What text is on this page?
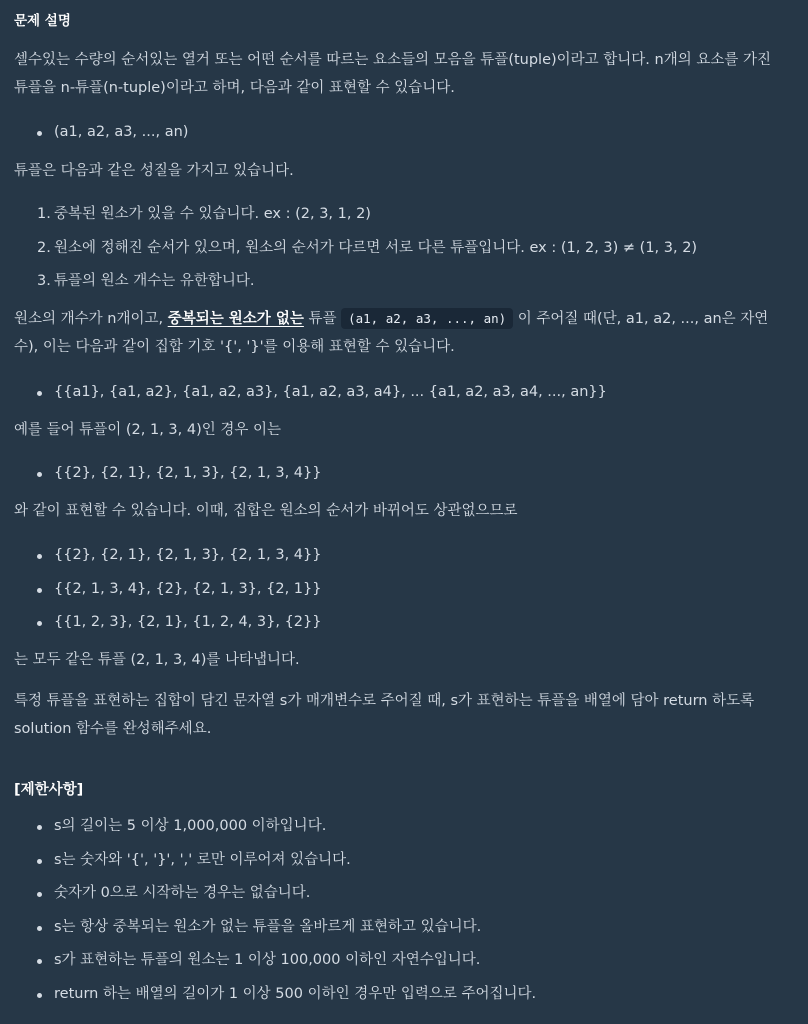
문제 설명
셀수있는 수량의 순서있는 열거 또는 어떤 순서를 따르는 요소들의 모음을 튜플(tuple)이라고 합니다. n개의 요소를 가진
튜플을 n-튜플(n-tuple)이라고 하며, 다음과 같이 표현할 수 있습니다.
(a1, a2, a3, ..., an)
튜플은 다음과 같은 성질을 가지고 있습니다.
1. 중복된 원소가 있을 수 있습니다. ex : (2, 3, 1, 2)
2. 원소에 정해진 순서가 있으며, 원소의 순서가 다르면 서로 다른 튜플입니다. ex : (1, 2, 3) ≠ (1, 3, 2)
3. 튜플의 원소 개수는 유한합니다.
원소의 개수가 n개이고, 중복되는 원소가 없는 튜플 (a1, a2, a3, ..., an) 이 주어질 때(단, a1, a2, ..., an은 자연
수), 이는 다음과 같이 집합 기호 '{', '}'를 이용해 표현할 수 있습니다.
{{a1}, {a1, a2}, {a1, a2, a3}, {a1, a2, a3, a4}, ... {a1, a2, a3, a4, ..., an}}
예를 들어 튜플이 (2, 1, 3, 4)인 경우 이는
{{2}, {2, 1}, {2, 1, 3}, {2, 1, 3, 4}}
와 같이 표현할 수 있습니다. 이때, 집합은 원소의 순서가 바뀌어도 상관없으므로
{{2}, {2, 1}, {2, 1, 3}, {2, 1, 3, 4}}
{{2, 1, 3, 4}, {2}, {2, 1, 3}, {2, 1}}
{{1, 2, 3}, {2, 1}, {1, 2, 4, 3}, {2}}
는 모두 같은 튜플 (2, 1, 3, 4)를 나타냅니다.
특정 튜플을 표현하는 집합이 담긴 문자열 s가 매개변수로 주어질 때, s가 표현하는 튜플을 배열에 담아 return 하도록
solution 함수를 완성해주세요.
[제한사항]
s의 길이는 5 이상 1,000,000 이하입니다.
s는 숫자와 '{', '}', ',' 로만 이루어져 있습니다.
숫자가 0으로 시작하는 경우는 없습니다.
s는 항상 중복되는 원소가 없는 튜플을 올바르게 표현하고 있습니다.
s가 표현하는 튜플의 원소는 1 이상 100,000 이하인 자연수입니다.
return 하는 배열의 길이가 1 이상 500 이하인 경우만 입력으로 주어집니다.
